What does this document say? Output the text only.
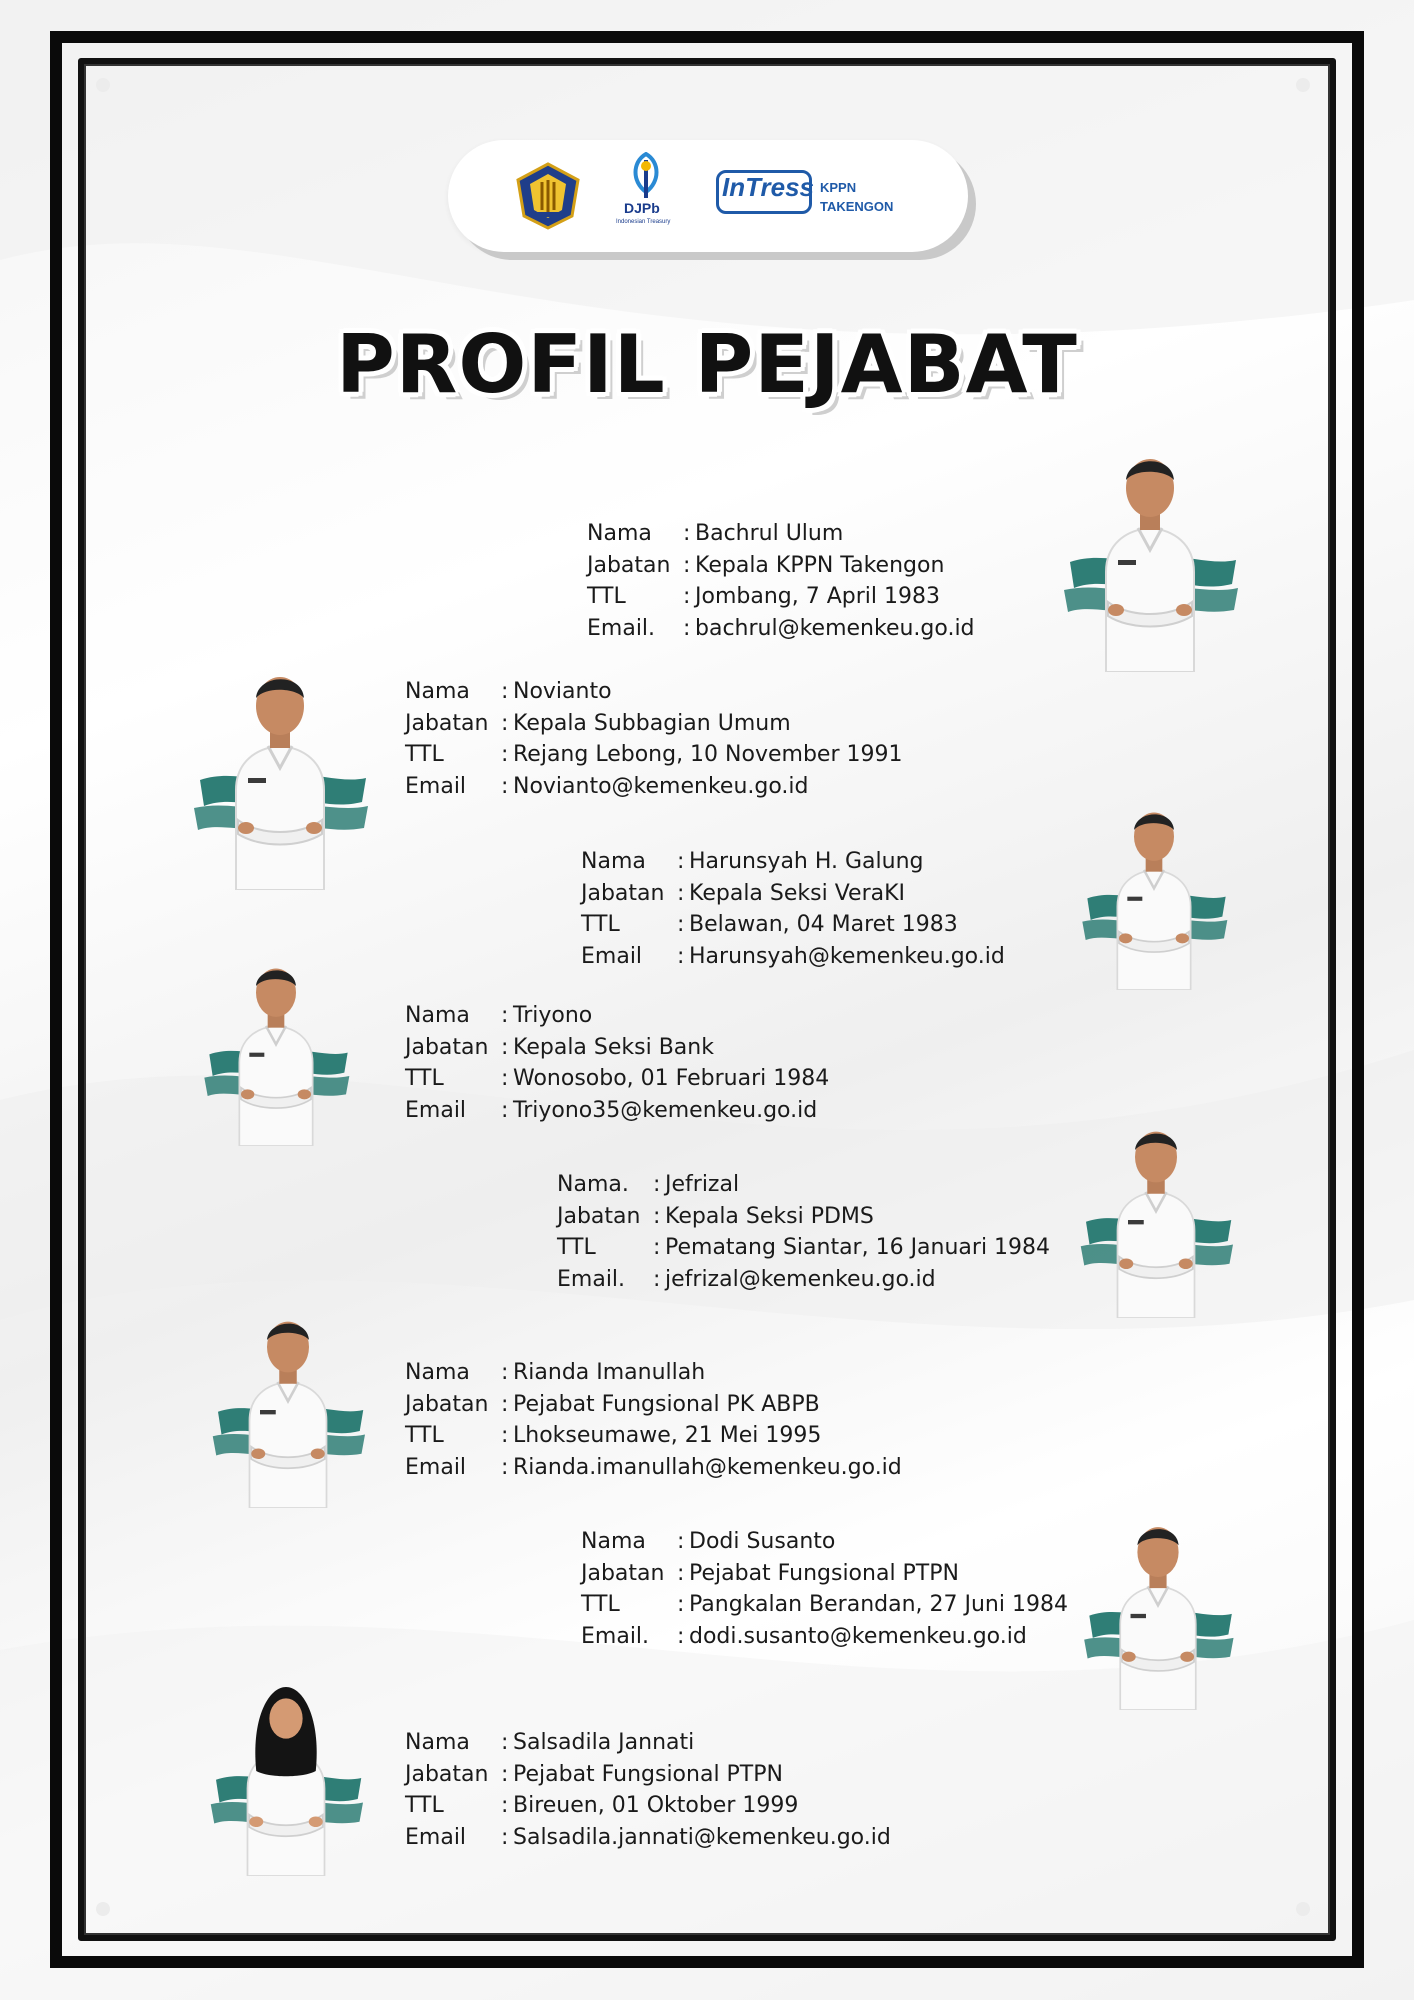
DJPb
Indonesian Treasury
InTress KPPN
TAKENGON
PROFIL PEJABAT
Nama	: Bachrul Ulum
Jabatan : Kepala KPPN Takengon
TTL	: Jombang, 7 April 1983
Email.	: bachrul@kemenkeu.go.id
Nama	: Novianto
Jabatan : Kepala Subbagian Umum
TTL	: Rejang Lebong, 10 November 1991
Email	: Novianto@kemenkeu.go.id
Nama	: Harunsyah H. Galung
Jabatan : Kepala Seksi VeraKI
TTL	: Belawan, 04 Maret 1983
Email	: Harunsyah@kemenkeu.go.id
Nama	: Triyono
Jabatan : Kepala Seksi Bank
TTL	: Wonosobo, 01 Februari 1984
Email	: Triyono35@kemenkeu.go.id
Nama.	: Jefrizal
Jabatan : Kepala Seksi PDMS
TTL	: Pematang Siantar, 16 Januari 1984
Email.	: jefrizal@kemenkeu.go.id
Nama	: Rianda Imanullah
Jabatan : Pejabat Fungsional PK ABPB
TTL	: Lhokseumawe, 21 Mei 1995
Email	: Rianda.imanullah@kemenkeu.go.id
Nama	: Dodi Susanto
Jabatan : Pejabat Fungsional PTPN
TTL	: Pangkalan Berandan, 27 Juni 1984
Email.	: dodi.susanto@kemenkeu.go.id
Nama	: Salsadila Jannati
Jabatan : Pejabat Fungsional PTPN
TTL	: Bireuen, 01 Oktober 1999
Email	: Salsadila.jannati@kemenkeu.go.id
